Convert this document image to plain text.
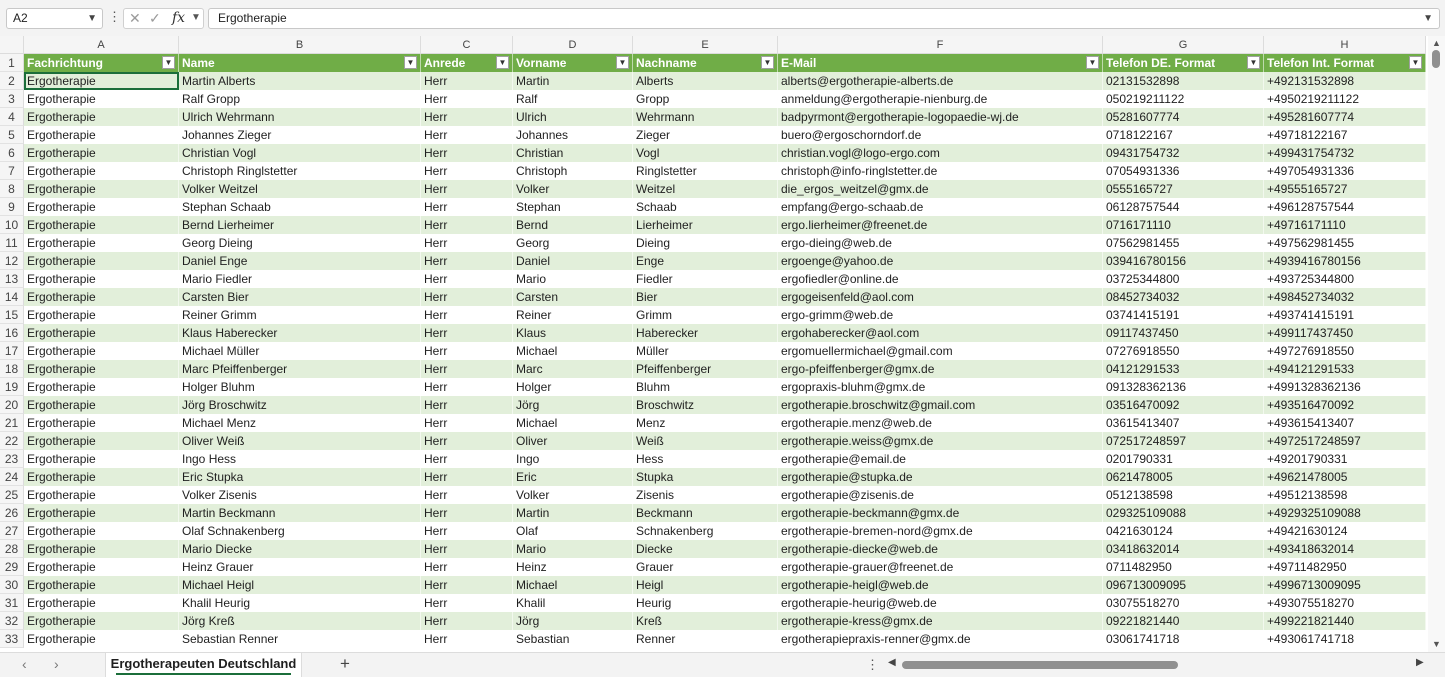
A2	▼ ⋮ ✕ ✓ fx ▼	Ergotherapie	▼
A	B	C	D	E	F	G	H
1	Fachrichtung	▼ Name	▼ Anrede	▼ Vorname	▼ Nachname	▼ E-Mail	▼ Telefon DE. Format	▼ Telefon Int. Format	▼
2	Ergotherapie	Martin Alberts	Herr	Martin	Alberts	alberts@ergotherapie-alberts.de	02131532898	+492131532898
3	Ergotherapie	Ralf Gropp	Herr	Ralf	Gropp	anmeldung@ergotherapie-nienburg.de	050219211122	+4950219211122
4	Ergotherapie	Ulrich Wehrmann	Herr	Ulrich	Wehrmann	badpyrmont@ergotherapie-logopaedie-wj.de	05281607774	+495281607774
5	Ergotherapie	Johannes Zieger	Herr	Johannes	Zieger	buero@ergoschorndorf.de	0718122167	+49718122167
6	Ergotherapie	Christian Vogl	Herr	Christian	Vogl	christian.vogl@logo-ergo.com	09431754732	+499431754732
7	Ergotherapie	Christoph Ringlstetter	Herr	Christoph	Ringlstetter	christoph@info-ringlstetter.de	07054931336	+497054931336
8	Ergotherapie	Volker Weitzel	Herr	Volker	Weitzel	die_ergos_weitzel@gmx.de	0555165727	+49555165727
9	Ergotherapie	Stephan Schaab	Herr	Stephan	Schaab	empfang@ergo-schaab.de	06128757544	+496128757544
10 Ergotherapie	Bernd Lierheimer	Herr	Bernd	Lierheimer	ergo.lierheimer@freenet.de	0716171110	+49716171110
11 Ergotherapie	Georg Dieing	Herr	Georg	Dieing	ergo-dieing@web.de	07562981455	+497562981455
12 Ergotherapie	Daniel Enge	Herr	Daniel	Enge	ergoenge@yahoo.de	039416780156	+4939416780156
13 Ergotherapie	Mario Fiedler	Herr	Mario	Fiedler	ergofiedler@online.de	03725344800	+493725344800
14 Ergotherapie	Carsten Bier	Herr	Carsten	Bier	ergogeisenfeld@aol.com	08452734032	+498452734032
15 Ergotherapie	Reiner Grimm	Herr	Reiner	Grimm	ergo-grimm@web.de	03741415191	+493741415191
16 Ergotherapie	Klaus Haberecker	Herr	Klaus	Haberecker	ergohaberecker@aol.com	09117437450	+499117437450
17 Ergotherapie	Michael Müller	Herr	Michael	Müller	ergomuellermichael@gmail.com	07276918550	+497276918550
18 Ergotherapie	Marc Pfeiffenberger	Herr	Marc	Pfeiffenberger	ergo-pfeiffenberger@gmx.de	04121291533	+494121291533
19 Ergotherapie	Holger Bluhm	Herr	Holger	Bluhm	ergopraxis-bluhm@gmx.de	091328362136	+4991328362136
20 Ergotherapie	Jörg Broschwitz	Herr	Jörg	Broschwitz	ergotherapie.broschwitz@gmail.com	03516470092	+493516470092
21 Ergotherapie	Michael Menz	Herr	Michael	Menz	ergotherapie.menz@web.de	03615413407	+493615413407
22 Ergotherapie	Oliver Weiß	Herr	Oliver	Weiß	ergotherapie.weiss@gmx.de	072517248597	+4972517248597
23 Ergotherapie	Ingo Hess	Herr	Ingo	Hess	ergotherapie@email.de	0201790331	+49201790331
24 Ergotherapie	Eric Stupka	Herr	Eric	Stupka	ergotherapie@stupka.de	0621478005	+49621478005
25 Ergotherapie	Volker Zisenis	Herr	Volker	Zisenis	ergotherapie@zisenis.de	0512138598	+49512138598
26 Ergotherapie	Martin Beckmann	Herr	Martin	Beckmann	ergotherapie-beckmann@gmx.de	029325109088	+4929325109088
27 Ergotherapie	Olaf Schnakenberg	Herr	Olaf	Schnakenberg	ergotherapie-bremen-nord@gmx.de	0421630124	+49421630124
28 Ergotherapie	Mario Diecke	Herr	Mario	Diecke	ergotherapie-diecke@web.de	03418632014	+493418632014
29 Ergotherapie	Heinz Grauer	Herr	Heinz	Grauer	ergotherapie-grauer@freenet.de	0711482950	+49711482950
30 Ergotherapie	Michael Heigl	Herr	Michael	Heigl	ergotherapie-heigl@web.de	096713009095	+4996713009095
31 Ergotherapie	Khalil Heurig	Herr	Khalil	Heurig	ergotherapie-heurig@web.de	03075518270	+493075518270
32 Ergotherapie	Jörg Kreß	Herr	Jörg	Kreß	ergotherapie-kress@gmx.de	09221821440	+499221821440
33 Ergotherapie	Sebastian Renner	Herr	Sebastian	Renner	ergotherapiepraxis-renner@gmx.de	03061741718	+493061741718
▲
▼
‹ ›	Ergotherapeuten Deutschland	+	⋮ ◀	▶
